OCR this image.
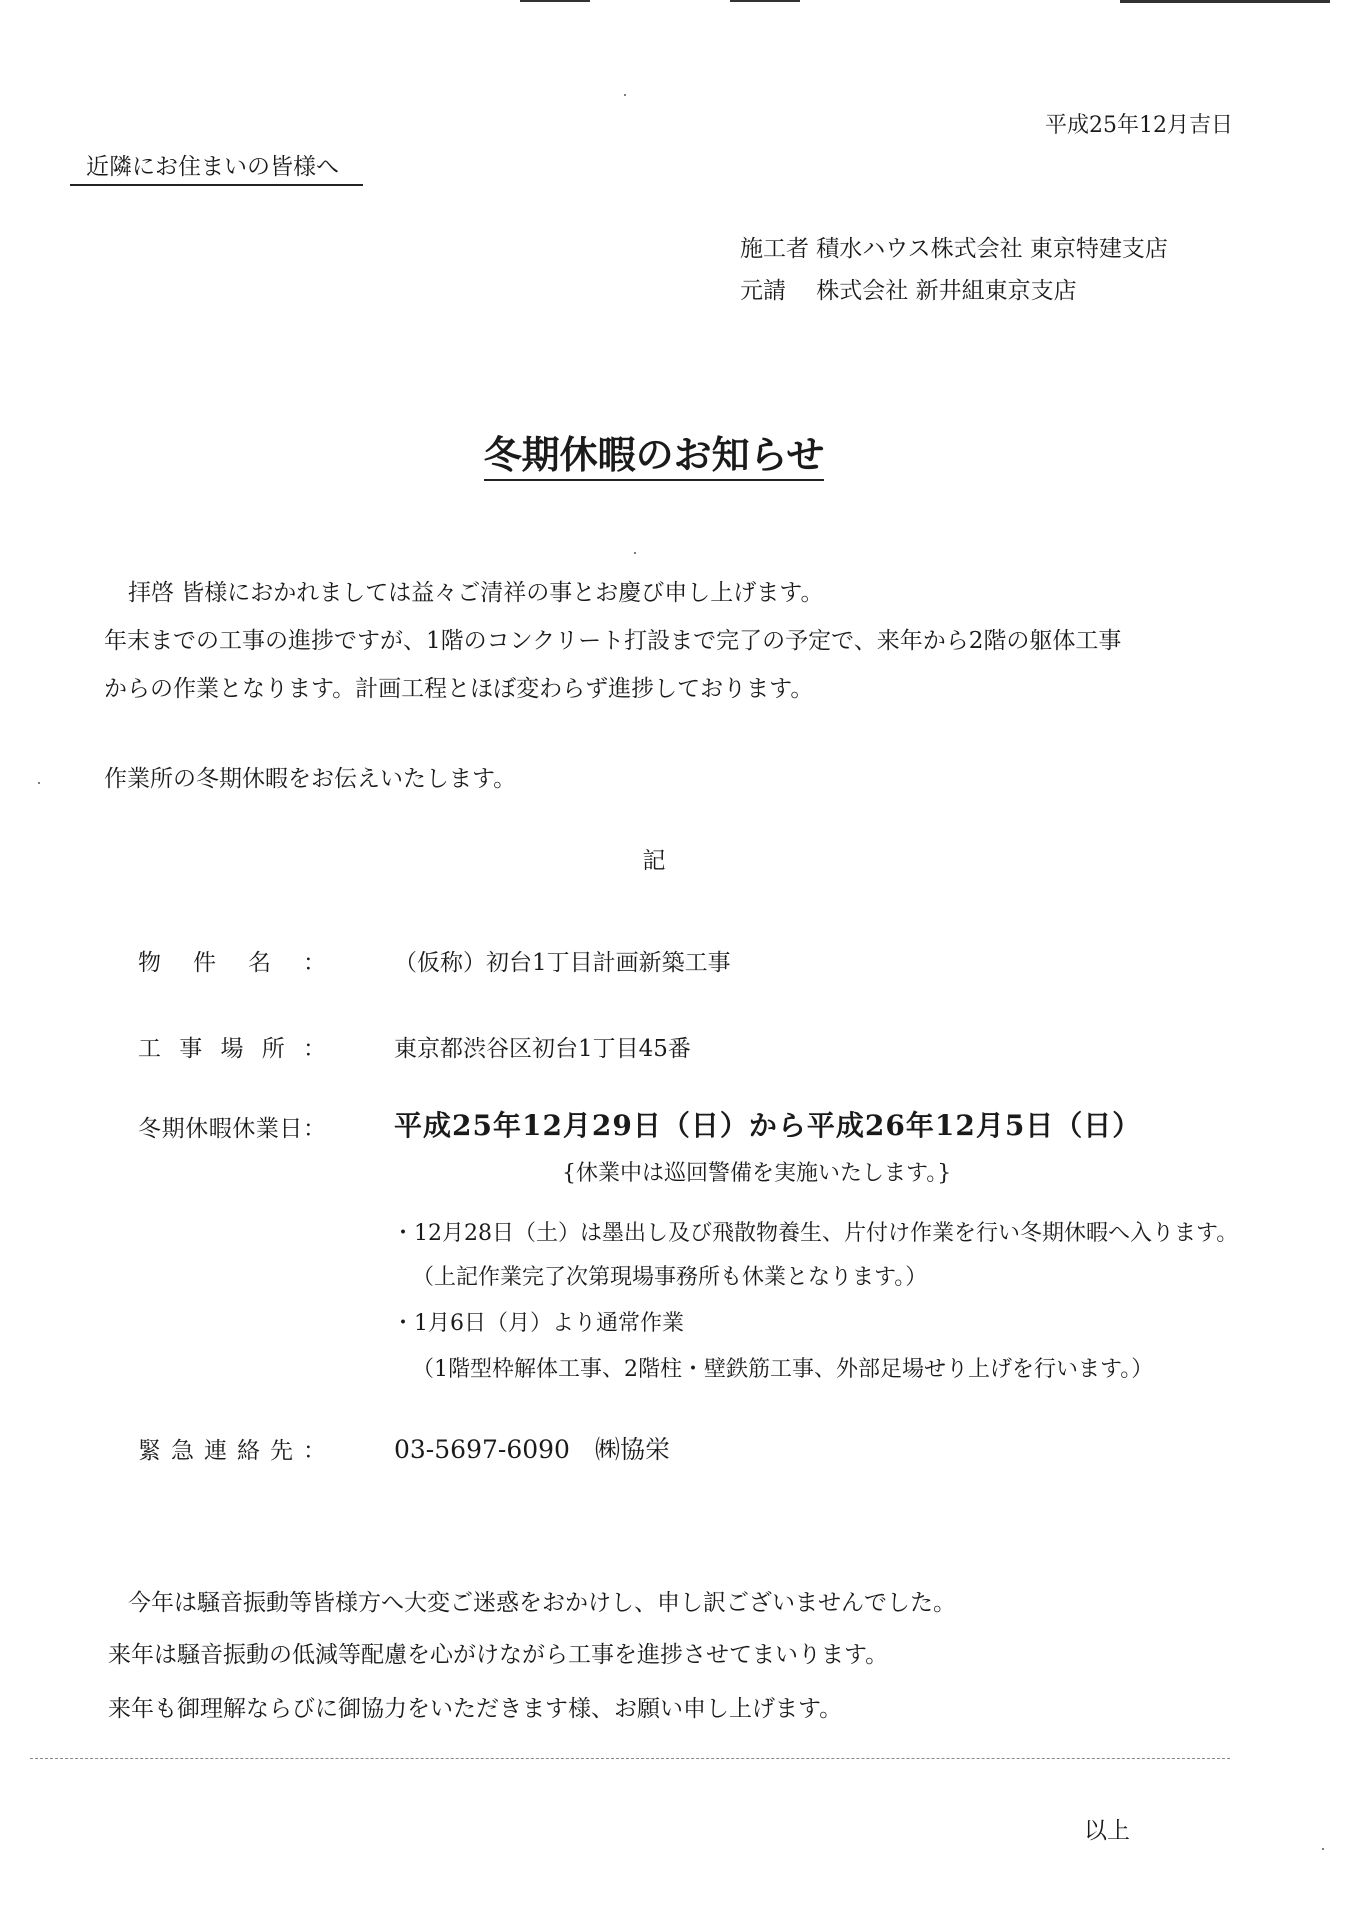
平成25年12月吉日
近隣にお住まいの皆様へ
施工者 積水ハウス株式会社 東京特建支店
元請　 株式会社 新井組東京支店
冬期休暇のお知らせ
拝啓 皆様におかれましては益々ご清祥の事とお慶び申し上げます。
年末までの工事の進捗ですが、1階のコンクリート打設まで完了の予定で、来年から2階の躯体工事
からの作業となります。計画工程とほぼ変わらず進捗しております。
作業所の冬期休暇をお伝えいたします。
記
物件名：	（仮称）初台1丁目計画新築工事
工事場所：	東京都渋谷区初台1丁目45番
冬期休暇休業日： 平成25年12月29日（日）から平成26年12月5日（日）
{休業中は巡回警備を実施いたします。}
・12月28日（土）は墨出し及び飛散物養生、片付け作業を行い冬期休暇へ入ります。
（上記作業完了次第現場事務所も休業となります。）
・1月6日（月）より通常作業
（1階型枠解体工事、2階柱・壁鉄筋工事、外部足場せり上げを行います。）
緊急連絡先：	03-5697-6090　㈱協栄
今年は騒音振動等皆様方へ大変ご迷惑をおかけし、申し訳ございませんでした。
来年は騒音振動の低減等配慮を心がけながら工事を進捗させてまいります。
来年も御理解ならびに御協力をいただきます様、お願い申し上げます。
以上
